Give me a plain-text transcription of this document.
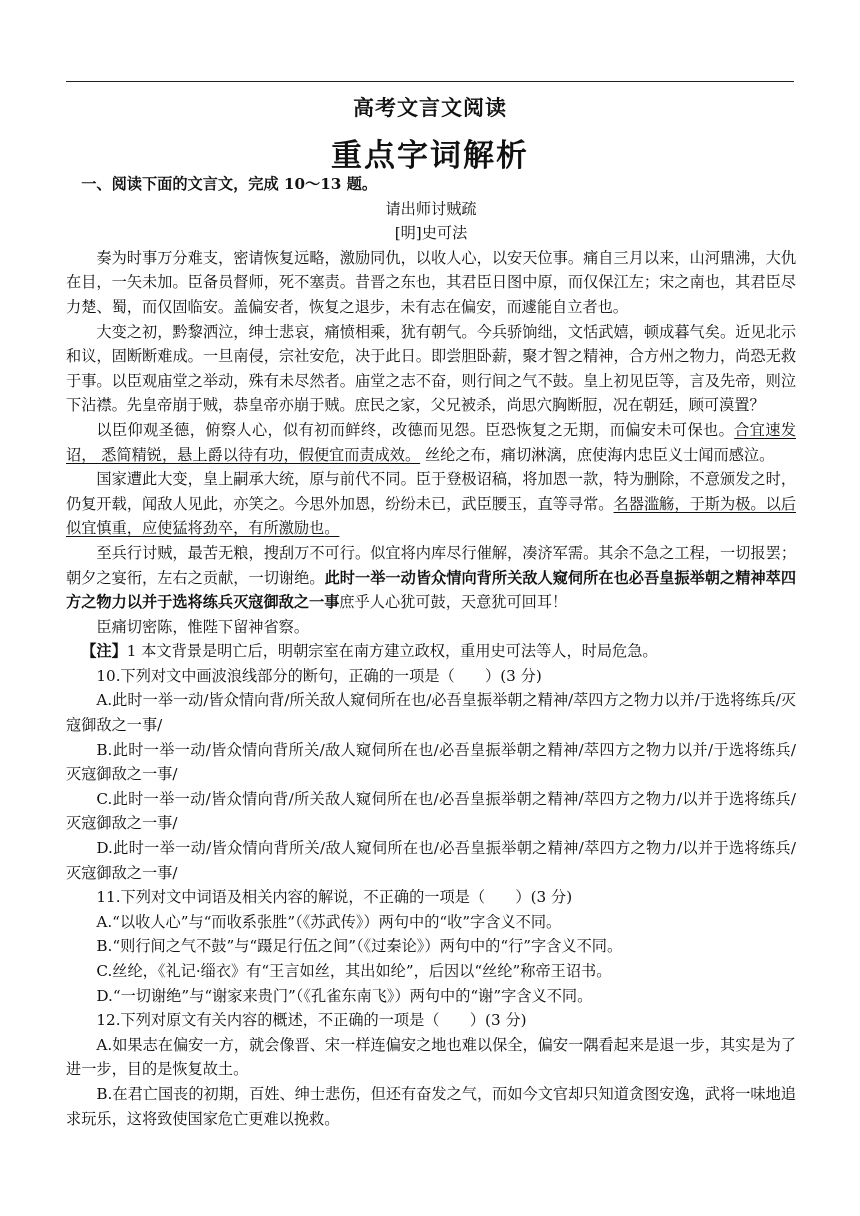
高考文言文阅读
重点字词解析

一、阅读下面的文言文，完成 10～13 题。

请出师讨贼疏

[明]史可法

奏为时事万分难支，密请恢复远略，激励同仇，以收人心，以安天位事。痛自三月以来，山河鼎沸，大仇在目，一矢未加。臣备员督师，死不塞责。昔晋之东也，其君臣日图中原，而仅保江左；宋之南也，其君臣尽力楚、蜀，而仅固临安。盖偏安者，恢复之退步，未有志在偏安，而遽能自立者也。

大变之初，黔黎洒泣，绅士悲哀，痛愤相乘，犹有朝气。今兵骄饷绌，文恬武嬉，顿成暮气矣。近见北示和议，固断断难成。一旦南侵，宗社安危，决于此日。即尝胆卧薪，聚才智之精神，合方州之物力，尚恐无救于事。以臣观庙堂之举动，殊有未尽然者。庙堂之志不奋，则行间之气不鼓。皇上初见臣等，言及先帝，则泣下沾襟。先皇帝崩于贼，恭皇帝亦崩于贼。庶民之家，父兄被杀，尚思穴胸断脰，况在朝廷，顾可漠置？

以臣仰观圣德，俯察人心，似有初而鲜终，改德而见怨。臣恐恢复之无期，而偏安未可保也。合宜速发诏， 悉简精锐，悬上爵以待有功，假便宜而责成效。 丝纶之布，痛切淋漓，庶使海内忠臣义士闻而感泣。

国家遭此大变，皇上嗣承大统，原与前代不同。臣于登极诏稿，将加恩一款，特为删除，不意颁发之时，仍复开载，闻敌人见此，亦笑之。今思外加恩，纷纷未已，武臣腰玉，直等寻常。名器滥觞，于斯为极。以后似宜慎重，应使猛将劲卒，有所激励也。

至兵行讨贼，最苦无粮，搜刮万不可行。似宜将内库尽行催解，凑济军需。其余不急之工程，一切报罢；朝夕之宴衎，左右之贡献，一切谢绝。此时一举一动皆众情向背所关敌人窥伺所在也必吾皇振举朝之精神萃四方之物力以并于选将练兵灭寇御敌之一事庶乎人心犹可鼓，天意犹可回耳！

臣痛切密陈，惟陛下留神省察。

【注】1 本文背景是明亡后，明朝宗室在南方建立政权，重用史可法等人，时局危急。

10.下列对文中画波浪线部分的断句，正确的一项是（　　）(3 分)

A.此时一举一动/皆众情向背/所关敌人窥伺所在也/必吾皇振举朝之精神/萃四方之物力以并/于选将练兵/灭寇御敌之一事/

B.此时一举一动/皆众情向背所关/敌人窥伺所在也/必吾皇振举朝之精神/萃四方之物力以并/于选将练兵/灭寇御敌之一事/

C.此时一举一动/皆众情向背/所关敌人窥伺所在也/必吾皇振举朝之精神/萃四方之物力/以并于选将练兵/灭寇御敌之一事/

D.此时一举一动/皆众情向背所关/敌人窥伺所在也/必吾皇振举朝之精神/萃四方之物力/以并于选将练兵/灭寇御敌之一事/

11.下列对文中词语及相关内容的解说，不正确的一项是（　　）(3 分)

A.“以收人心”与“而收系张胜”（《苏武传》）两句中的“收”字含义不同。

B.“则行间之气不鼓”与“蹑足行伍之间”（《过秦论》）两句中的“行”字含义不同。

C.丝纶，《礼记·缁衣》有“王言如丝，其出如纶”，后因以“丝纶”称帝王诏书。

D.“一切谢绝”与“谢家来贵门”（《孔雀东南飞》）两句中的“谢”字含义不同。

12.下列对原文有关内容的概述，不正确的一项是（　　）(3 分)

A.如果志在偏安一方，就会像晋、宋一样连偏安之地也难以保全，偏安一隅看起来是退一步，其实是为了进一步，目的是恢复故土。

B.在君亡国丧的初期，百姓、绅士悲伤，但还有奋发之气，而如今文官却只知道贪图安逸，武将一味地追求玩乐，这将致使国家危亡更难以挽救。
